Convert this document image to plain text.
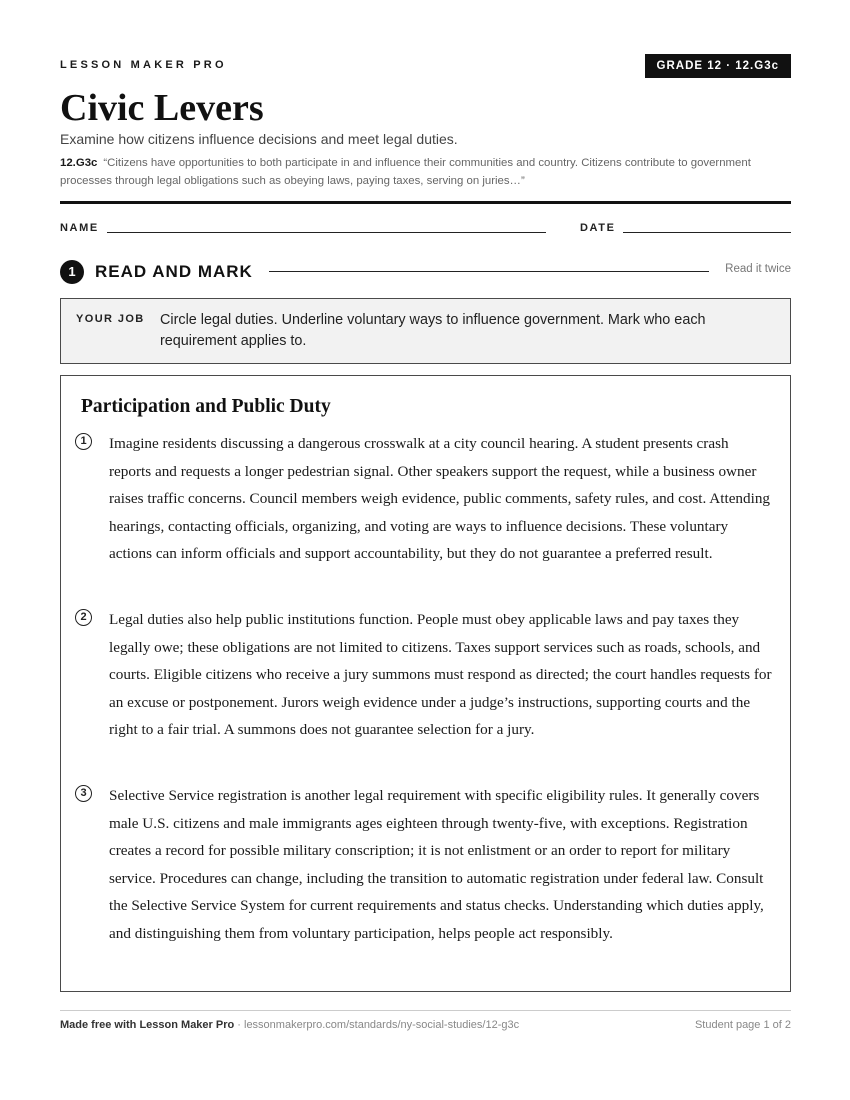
LESSON MAKER PRO	GRADE 12 · 12.G3c
Civic Levers
Examine how citizens influence decisions and meet legal duties.
12.G3c “Citizens have opportunities to both participate in and influence their communities and country. Citizens contribute to government processes through legal obligations such as obeying laws, paying taxes, serving on juries…”
NAME	DATE
1	READ AND MARK	Read it twice
YOUR JOB Circle legal duties. Underline voluntary ways to influence government. Mark who each requirement applies to.
Participation and Public Duty
1	Imagine residents discussing a dangerous crosswalk at a city council hearing. A student presents crash reports and requests a longer pedestrian signal. Other speakers support the request, while a business owner raises traffic concerns. Council members weigh evidence, public comments, safety rules, and cost. Attending hearings, contacting officials, organizing, and voting are ways to influence decisions. These voluntary actions can inform officials and support accountability, but they do not guarantee a preferred result.

2	Legal duties also help public institutions function. People must obey applicable laws and pay taxes they legally owe; these obligations are not limited to citizens. Taxes support services such as roads, schools, and courts. Eligible citizens who receive a jury summons must respond as directed; the court handles requests for an excuse or postponement. Jurors weigh evidence under a judge’s instructions, supporting courts and the right to a fair trial. A summons does not guarantee selection for a jury.

3	Selective Service registration is another legal requirement with specific eligibility rules. It generally covers male U.S. citizens and male immigrants ages eighteen through twenty-five, with exceptions. Registration creates a record for possible military conscription; it is not enlistment or an order to report for military service. Procedures can change, including the transition to automatic registration under federal law. Consult the Selective Service System for current requirements and status checks. Understanding which duties apply, and distinguishing them from voluntary participation, helps people act responsibly.

Made free with Lesson Maker Pro · lessonmakerpro.com/standards/ny-social-studies/12-g3c	Student page 1 of 2
